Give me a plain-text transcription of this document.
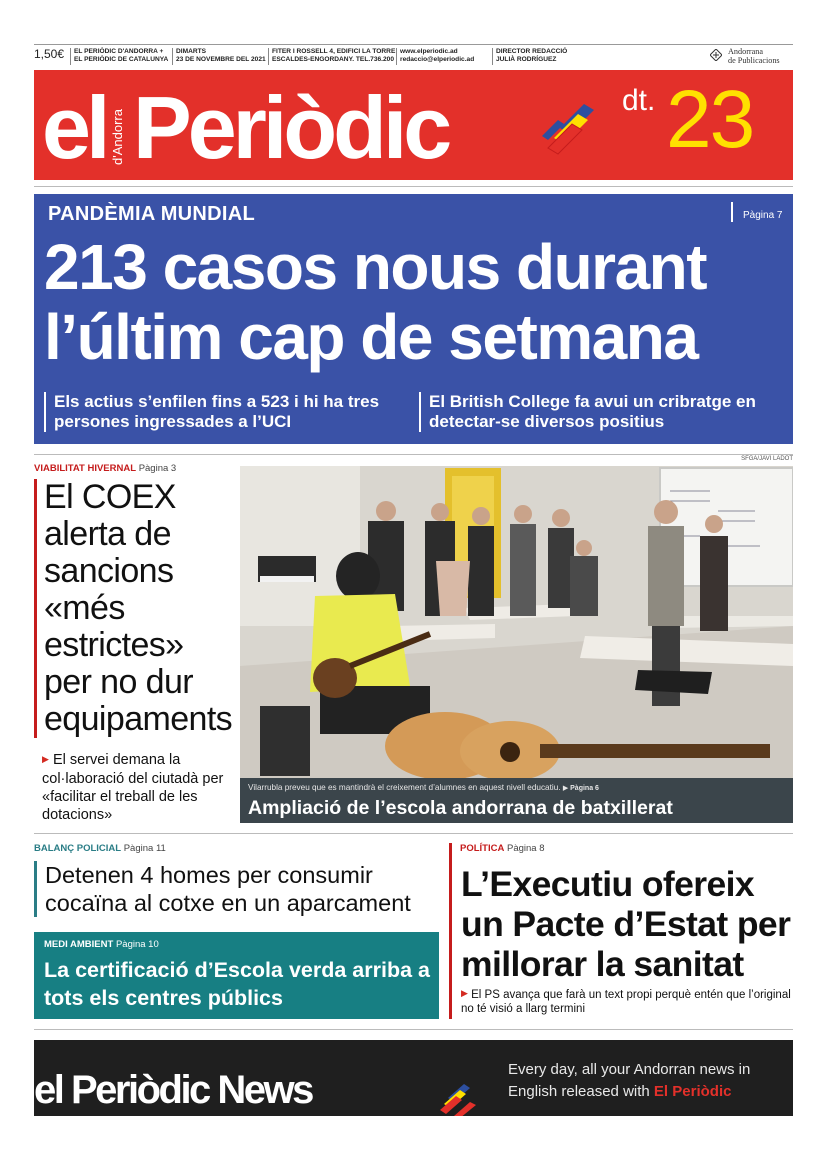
1,50€ EL PERIÒDIC D'ANDORRA +
EL PERIÒDIC DE CATALUNYA
DIMARTS
23 DE NOVEMBRE DEL 2021
FITER I ROSSELL 4, EDIFICI LA TORRE
ESCALDES-ENGORDANY. TEL.736.200
www.elperiodic.ad
redaccio@elperiodic.ad
DIRECTOR REDACCIÓ
JULIÀ RODRÍGUEZ
Andorrana
de Publicacions
el d'Andorra Periòdic	dt. 23
PANDÈMIA MUNDIAL	Pàgina 7
213 casos nous durant l’últim cap de setmana
Els actius s’enfilen fins a 523 i hi ha tres persones ingressades a l’UCI
El British College fa avui un cribratge en detectar-se diversos positius
VIABILITAT HIVERNAL Pàgina 3
El COEX alerta de sancions «més estrictes» per no dur equipaments
▶ El servei demana la col·laboració del ciutadà per «facilitar el treball de les dotacions»
SFGA/JAVI LADOT
Vilarrubla preveu que es mantindrà el creixement d’alumnes en aquest nivell educatiu. ▶ Pàgina 6
Ampliació de l’escola andorrana de batxillerat
BALANÇ POLICIAL Pàgina 11
Detenen 4 homes per consumir cocaïna al cotxe en un aparcament
MEDI AMBIENT Pàgina 10
La certificació d’Escola verda arriba a tots els centres públics
POLÍTICA Pàgina 8
L’Executiu ofereix un Pacte d’Estat per millorar la sanitat
▶ El PS avança que farà un text propi perquè entén que l’original no té visió a llarg termini
el Periòdic News	Every day, all your Andorran news in English released with El Periòdic
